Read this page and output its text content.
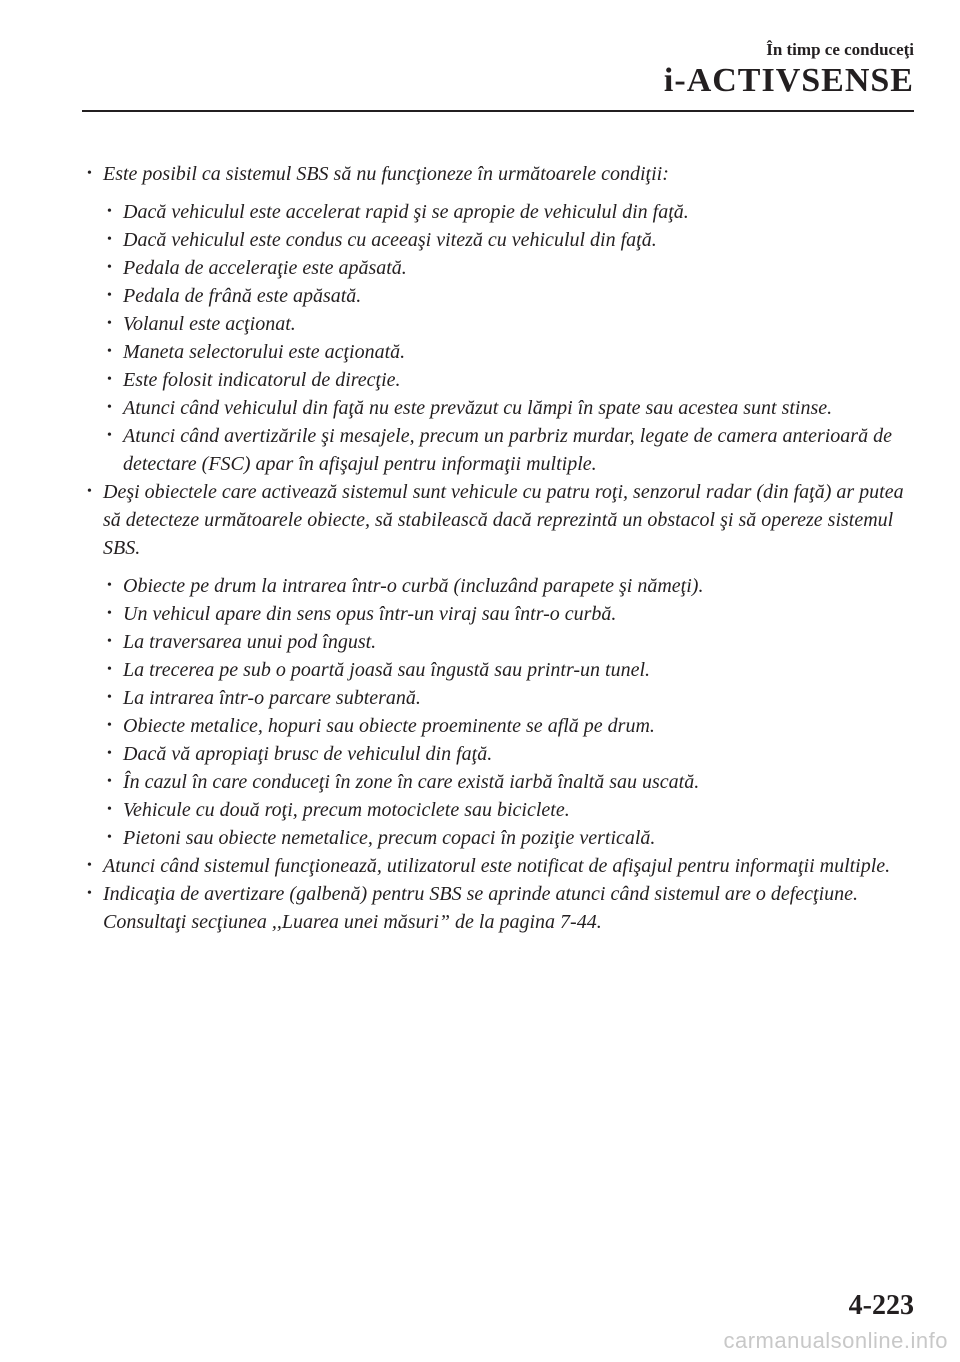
În timp ce conduceţi
i-ACTIVSENSE
• Este posibil ca sistemul SBS să nu funcţioneze în următoarele condiţii:
• Dacă vehiculul este accelerat rapid şi se apropie de vehiculul din faţă.
• Dacă vehiculul este condus cu aceeaşi viteză cu vehiculul din faţă.
• Pedala de acceleraţie este apăsată.
• Pedala de frână este apăsată.
• Volanul este acţionat.
• Maneta selectorului este acţionată.
• Este folosit indicatorul de direcţie.
• Atunci când vehiculul din faţă nu este prevăzut cu lămpi în spate sau acestea sunt stinse.
• Atunci când avertizările şi mesajele, precum un parbriz murdar, legate de camera anterioară de detectare (FSC) apar în afişajul pentru informaţii multiple.
• Deşi obiectele care activează sistemul sunt vehicule cu patru roţi, senzorul radar (din faţă) ar putea să detecteze următoarele obiecte, să stabilească dacă reprezintă un obstacol şi să opereze sistemul SBS.
• Obiecte pe drum la intrarea într-o curbă (incluzând parapete şi nămeţi).
• Un vehicul apare din sens opus într-un viraj sau într-o curbă.
• La traversarea unui pod îngust.
• La trecerea pe sub o poartă joasă sau îngustă sau printr-un tunel.
• La intrarea într-o parcare subterană.
• Obiecte metalice, hopuri sau obiecte proeminente se află pe drum.
• Dacă vă apropiaţi brusc de vehiculul din faţă.
• În cazul în care conduceţi în zone în care există iarbă înaltă sau uscată.
• Vehicule cu două roţi, precum motociclete sau biciclete.
• Pietoni sau obiecte nemetalice, precum copaci în poziţie verticală.
• Atunci când sistemul funcţionează, utilizatorul este notificat de afişajul pentru informaţii multiple.
• Indicaţia de avertizare (galbenă) pentru SBS se aprinde atunci când sistemul are o defecţiune.
Consultaţi secţiunea ,,Luarea unei măsuri” de la pagina 7-44.
4-223
carmanualsonline.info
